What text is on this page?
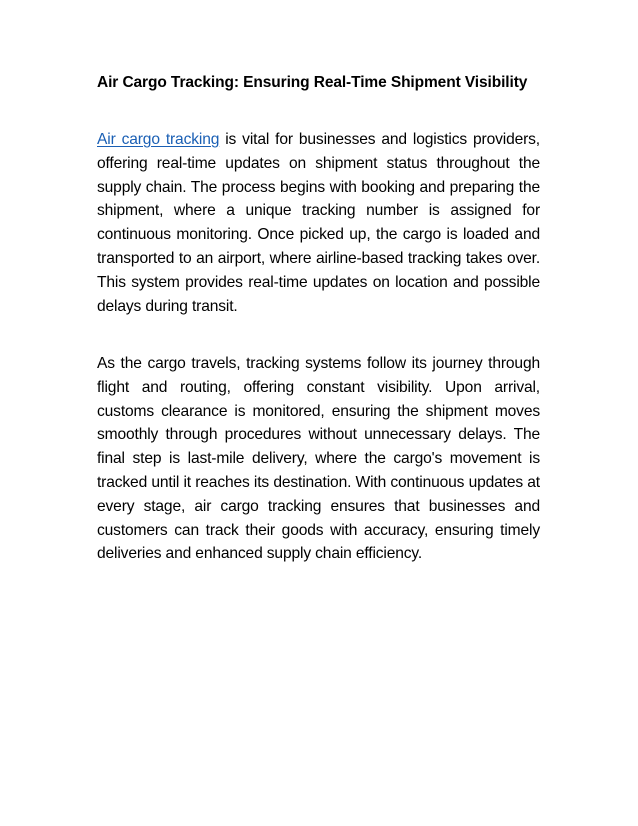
Air Cargo Tracking: Ensuring Real-Time Shipment Visibility

Air cargo tracking is vital for businesses and logistics providers, offering real-time updates on shipment status throughout the supply chain. The process begins with booking and preparing the shipment, where a unique tracking number is assigned for continuous monitoring. Once picked up, the cargo is loaded and transported to an airport, where airline-based tracking takes over. This system provides real-time updates on location and possible delays during transit.

As the cargo travels, tracking systems follow its journey through flight and routing, offering constant visibility. Upon arrival, customs clearance is monitored, ensuring the shipment moves smoothly through procedures without unnecessary delays. The final step is last-mile delivery, where the cargo's movement is tracked until it reaches its destination. With continuous updates at every stage, air cargo tracking ensures that businesses and customers can track their goods with accuracy, ensuring timely deliveries and enhanced supply chain efficiency.
